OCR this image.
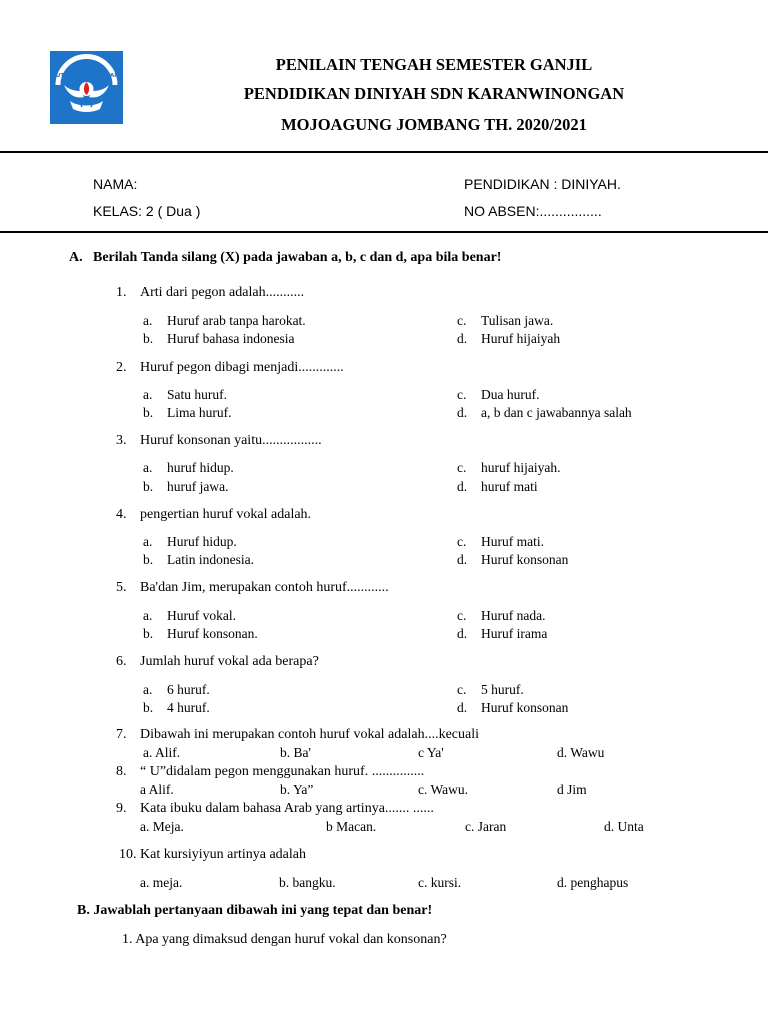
TUT WURI HANDAYANI
PENILAIN TENGAH SEMESTER GANJIL
PENDIDIKAN DINIYAH SDN KARANWINONGAN
MOJOAGUNG JOMBANG TH. 2020/2021
NAMA:	PENDIDIKAN : DINIYAH.
KELAS: 2 ( Dua )	NO ABSEN:................
A. Berilah Tanda silang (X) pada jawaban a, b, c dan d, apa bila benar!
1. Arti dari pegon adalah...........
a. Huruf arab tanpa harokat.	c. Tulisan jawa.
b. Huruf bahasa indonesia	d. Huruf hijaiyah
2. Huruf pegon dibagi menjadi.............
a. Satu huruf.	c. Dua huruf.
b. Lima huruf.	d. a, b dan c jawabannya salah
3. Huruf konsonan yaitu.................
a. huruf hidup.	c. huruf hijaiyah.
b. huruf jawa.	d. huruf mati
4. pengertian huruf vokal adalah.
a. Huruf hidup.	c. Huruf mati.
b. Latin indonesia.	d. Huruf konsonan
5. Ba'dan Jim, merupakan contoh huruf............
a. Huruf vokal.	c. Huruf nada.
b. Huruf konsonan.	d. Huruf irama
6. Jumlah huruf vokal ada berapa?
a. 6 huruf.	c. 5 huruf.
b. 4 huruf.	d. Huruf konsonan
7. Dibawah ini merupakan contoh huruf vokal adalah....kecuali
a. Alif.	b. Ba'	c Ya'	d. Wawu
8. “ U”didalam pegon menggunakan huruf. ...............
a Alif.	b. Ya”	c. Wawu.	d Jim
9. Kata ibuku dalam bahasa Arab yang artinya....... ......
a. Meja.	b Macan.	c. Jaran	d. Unta
10. Kat kursiyiyun artinya adalah
a. meja.	b. bangku.	c. kursi.	d. penghapus
B. Jawablah pertanyaan dibawah ini yang tepat dan benar!
1. Apa yang dimaksud dengan huruf vokal dan konsonan?
